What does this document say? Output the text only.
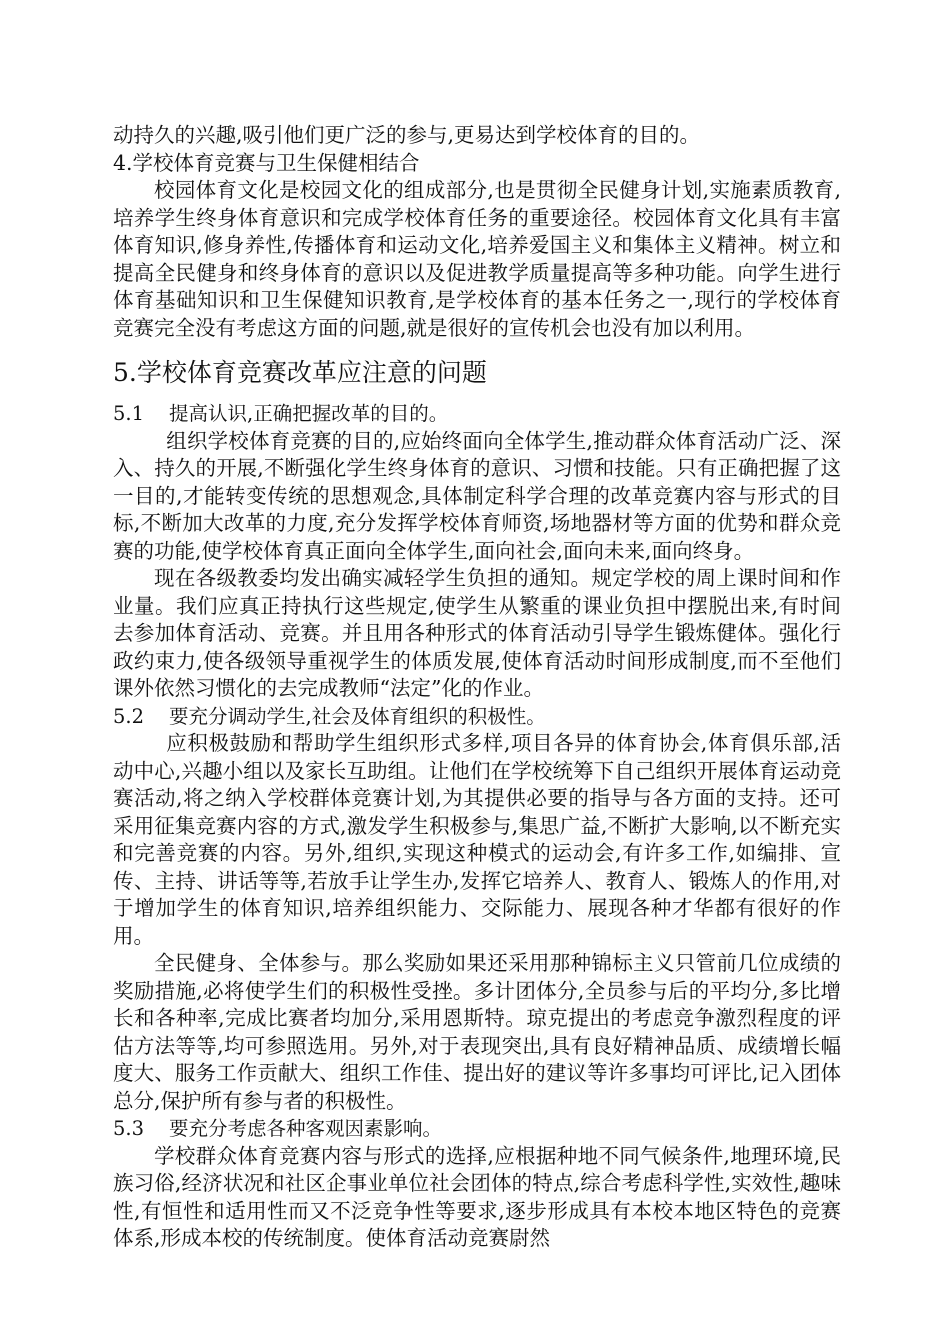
动持久的兴趣,吸引他们更广泛的参与,更易达到学校体育的目的。

4.学校体育竞赛与卫生保健相结合

校园体育文化是校园文化的组成部分,也是贯彻全民健身计划,实施素质教育,培养学生终身体育意识和完成学校体育任务的重要途径。校园体育文化具有丰富体育知识,修身养性,传播体育和运动文化,培养爱国主义和集体主义精神。树立和提高全民健身和终身体育的意识以及促进教学质量提高等多种功能。向学生进行体育基础知识和卫生保健知识教育,是学校体育的基本任务之一,现行的学校体育竞赛完全没有考虑这方面的问题,就是很好的宣传机会也没有加以利用。

5.学校体育竞赛改革应注意的问题

5.1 提高认识,正确把握改革的目的。

组织学校体育竞赛的目的,应始终面向全体学生,推动群众体育活动广泛、深入、持久的开展,不断强化学生终身体育的意识、习惯和技能。只有正确把握了这一目的,才能转变传统的思想观念,具体制定科学合理的改革竞赛内容与形式的目标,不断加大改革的力度,充分发挥学校体育师资,场地器材等方面的优势和群众竞赛的功能,使学校体育真正面向全体学生,面向社会,面向未来,面向终身。

现在各级教委均发出确实减轻学生负担的通知。规定学校的周上课时间和作业量。我们应真正持执行这些规定,使学生从繁重的课业负担中摆脱出来,有时间去参加体育活动、竞赛。并且用各种形式的体育活动引导学生锻炼健体。强化行政约束力,使各级领导重视学生的体质发展,使体育活动时间形成制度,而不至他们课外依然习惯化的去完成教师“法定”化的作业。

5.2 要充分调动学生,社会及体育组织的积极性。

应积极鼓励和帮助学生组织形式多样,项目各异的体育协会,体育俱乐部,活动中心,兴趣小组以及家长互助组。让他们在学校统筹下自己组织开展体育运动竞赛活动,将之纳入学校群体竞赛计划,为其提供必要的指导与各方面的支持。还可采用征集竞赛内容的方式,激发学生积极参与,集思广益,不断扩大影响,以不断充实和完善竞赛的内容。另外,组织,实现这种模式的运动会,有许多工作,如编排、宣传、主持、讲话等等,若放手让学生办,发挥它培养人、教育人、锻炼人的作用,对于增加学生的体育知识,培养组织能力、交际能力、展现各种才华都有很好的作用。

全民健身、全体参与。那么奖励如果还采用那种锦标主义只管前几位成绩的奖励措施,必将使学生们的积极性受挫。多计团体分,全员参与后的平均分,多比增长和各种率,完成比赛者均加分,采用恩斯特。琼克提出的考虑竞争激烈程度的评估方法等等,均可参照选用。另外,对于表现突出,具有良好精神品质、成绩增长幅度大、服务工作贡献大、组织工作佳、提出好的建议等许多事均可评比,记入团体总分,保护所有参与者的积极性。

5.3 要充分考虑各种客观因素影响。

学校群众体育竞赛内容与形式的选择,应根据种地不同气候条件,地理环境,民族习俗,经济状况和社区企事业单位社会团体的特点,综合考虑科学性,实效性,趣味性,有恒性和适用性而又不泛竞争性等要求,逐步形成具有本校本地区特色的竞赛体系,形成本校的传统制度。使体育活动竞赛尉然
